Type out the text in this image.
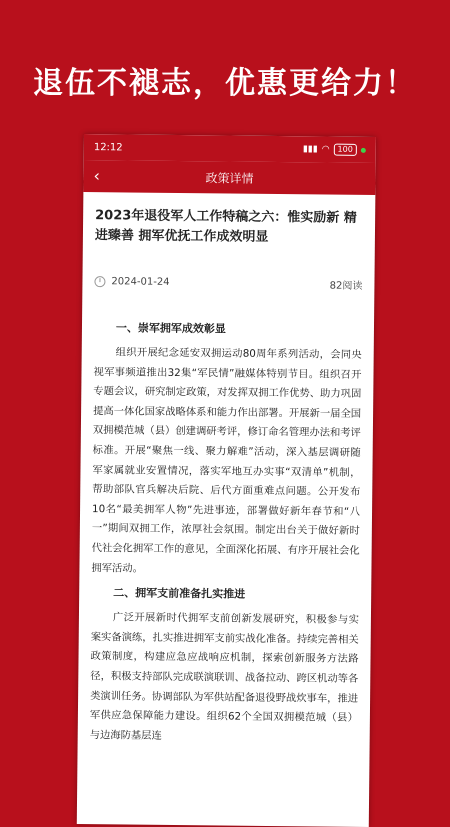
退伍不褪志，优惠更给力！
12:12	▮▮▮ ◠ 100
‹	政策详情
2023年退役军人工作特稿之六：惟实励新 精进臻善 拥军优抚工作成效明显
2024-01-24	82阅读
一、崇军拥军成效彰显
组织开展纪念延安双拥运动80周年系列活动，会同央视军事频道推出32集“军民情”融媒体特别节目。组织召开专题会议，研究制定政策，对发挥双拥工作优势、助力巩固提高一体化国家战略体系和能力作出部署。开展新一届全国双拥模范城（县）创建调研考评，修订命名管理办法和考评标准。开展“聚焦一线、聚力解难”活动，深入基层调研随军家属就业安置情况，落实军地互办实事“双清单”机制，帮助部队官兵解决后院、后代方面重难点问题。公开发布10名“最美拥军人物”先进事迹，部署做好新年春节和“八一”期间双拥工作，浓厚社会氛围。制定出台关于做好新时代社会化拥军工作的意见，全面深化拓展、有序开展社会化拥军活动。
二、拥军支前准备扎实推进
广泛开展新时代拥军支前创新发展研究，积极参与实案实备演练，扎实推进拥军支前实战化准备。持续完善相关政策制度，构建应急应战响应机制，探索创新服务方法路径，积极支持部队完成联演联训、战备拉动、跨区机动等各类演训任务。协调部队为军供站配备退役野战炊事车，推进军供应急保障能力建设。组织62个全国双拥模范城（县）与边海防基层连
